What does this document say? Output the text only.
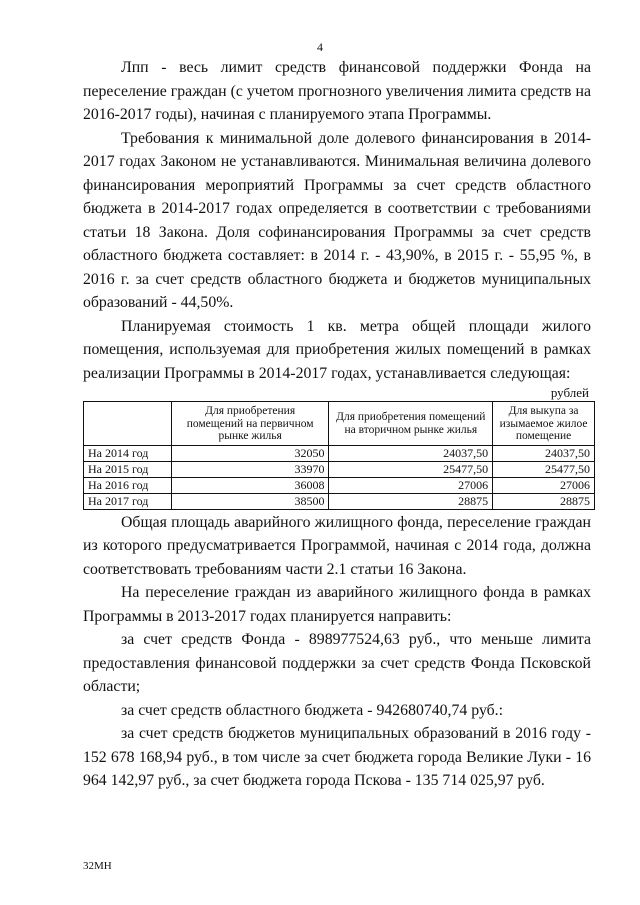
4

Лпп - весь лимит средств финансовой поддержки Фонда на переселение граждан (с учетом прогнозного увеличения лимита средств на 2016-2017 годы), начиная с планируемого этапа Программы.

Требования к минимальной доле долевого финансирования в 2014-2017 годах Законом не устанавливаются. Минимальная величина долевого финансирования мероприятий Программы за счет средств областного бюджета в 2014-2017 годах определяется в соответствии с требованиями статьи 18 Закона. Доля софинансирования Программы за счет средств областного бюджета составляет: в 2014 г. - 43,90%, в 2015 г. - 55,95 %, в 2016 г. за счет средств областного бюджета и бюджетов муниципальных образований - 44,50%.

Планируемая стоимость 1 кв. метра общей площади жилого помещения, используемая для приобретения жилых помещений в рамках реализации Программы в 2014-2017 годах, устанавливается следующая:

рублей
	Для приобретения помещений на первичном рынке жилья	Для приобретения помещений на вторичном рынке жилья	Для выкупа за изымаемое жилое помещение
На 2014 год	32050	24037,50	24037,50
На 2015 год	33970	25477,50	25477,50
На 2016 год	36008	27006	27006
На 2017 год	38500	28875	28875

Общая площадь аварийного жилищного фонда, переселение граждан из которого предусматривается Программой, начиная с 2014 года, должна соответствовать требованиям части 2.1 статьи 16 Закона.

На переселение граждан из аварийного жилищного фонда в рамках Программы в 2013-2017 годах планируется направить:

за счет средств Фонда - 898977524,63 руб., что меньше лимита предоставления финансовой поддержки за счет средств Фонда Псковской области;

за счет средств областного бюджета - 942680740,74 руб.:

за счет средств бюджетов муниципальных образований в 2016 году - 152 678 168,94 руб., в том числе за счет бюджета города Великие Луки - 16 964 142,97 руб., за счет бюджета города Пскова - 135 714 025,97 руб.

32МН
